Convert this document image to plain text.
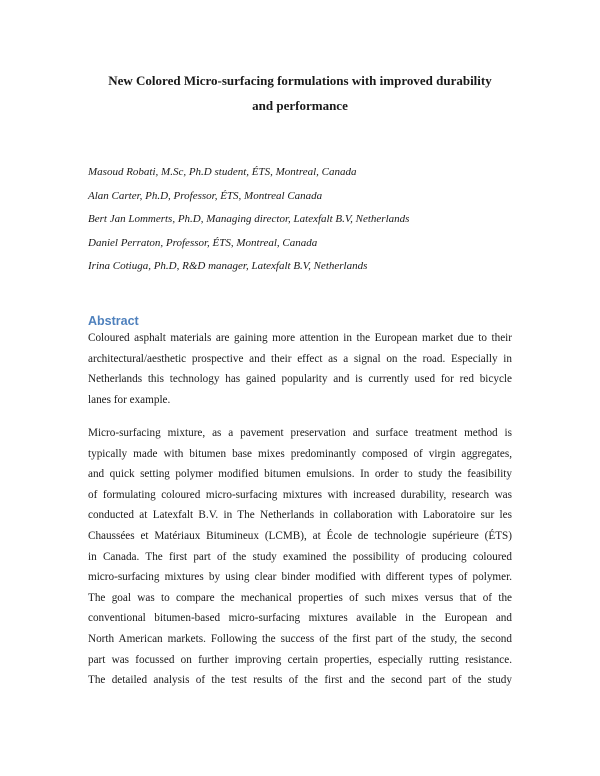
New Colored Micro-surfacing formulations with improved durability
and performance
Masoud Robati, M.Sc, Ph.D student, ÉTS, Montreal, Canada
Alan Carter, Ph.D, Professor, ÉTS, Montreal Canada
Bert Jan Lommerts, Ph.D, Managing director, Latexfalt B.V, Netherlands
Daniel Perraton, Professor, ÉTS, Montreal, Canada
Irina Cotiuga, Ph.D, R&D manager, Latexfalt B.V, Netherlands
Abstract
Coloured asphalt materials are gaining more attention in the European market due to their
architectural/aesthetic prospective and their effect as a signal on the road. Especially in
Netherlands this technology has gained popularity and is currently used for red bicycle
lanes for example.
Micro-surfacing mixture, as a pavement preservation and surface treatment method is
typically made with bitumen base mixes predominantly composed of virgin aggregates,
and quick setting polymer modified bitumen emulsions. In order to study the feasibility
of formulating coloured micro-surfacing mixtures with increased durability, research was
conducted at Latexfalt B.V. in The Netherlands in collaboration with Laboratoire sur les
Chaussées et Matériaux Bitumineux (LCMB), at École de technologie supérieure (ÉTS)
in Canada. The first part of the study examined the possibility of producing coloured
micro-surfacing mixtures by using clear binder modified with different types of polymer.
The goal was to compare the mechanical properties of such mixes versus that of the
conventional bitumen-based micro-surfacing mixtures available in the European and
North American markets. Following the success of the first part of the study, the second
part was focussed on further improving certain properties, especially rutting resistance.
The detailed analysis of the test results of the first and the second part of the study
